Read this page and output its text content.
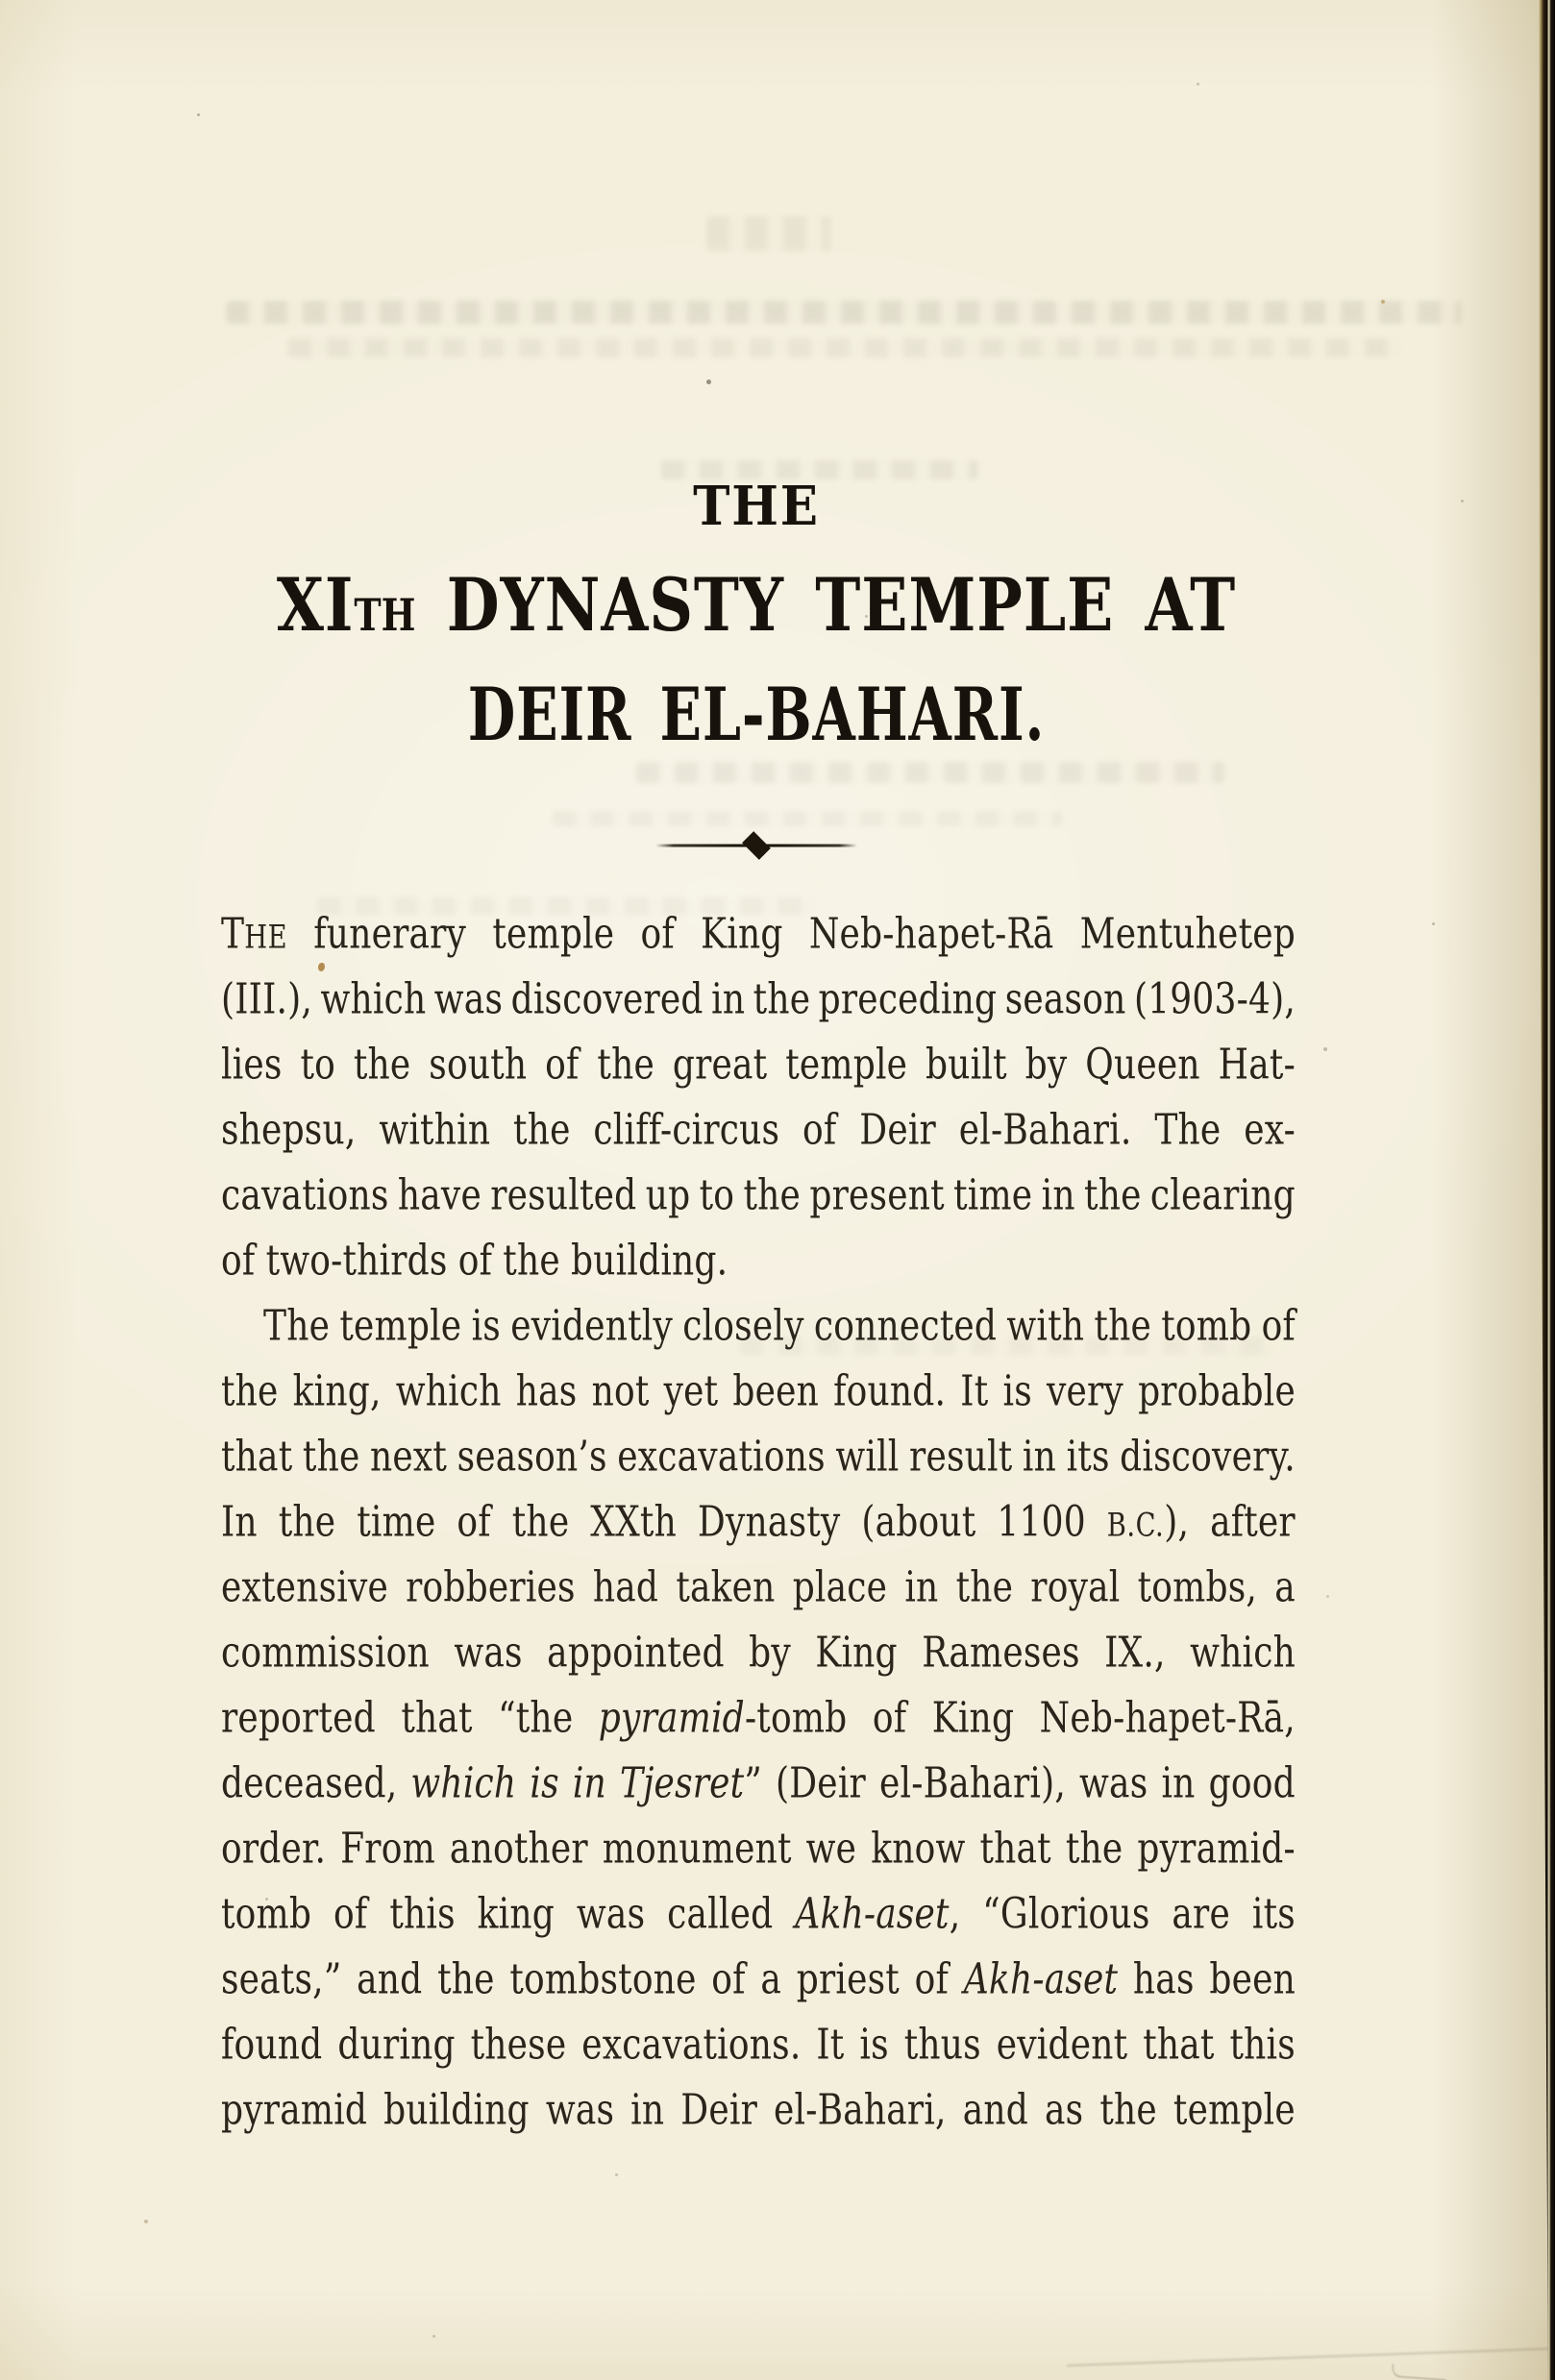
THE
XITH DYNASTY TEMPLE AT
DEIR EL-BAHARI.
THE funerary temple of King Neb-hapet-Rā Mentuhetep
(III.), which was discovered in the preceding season (1903-4),
lies to the south of the great temple built by Queen Hat-
shepsu, within the cliff-circus of Deir el-Bahari. The ex-
cavations have resulted up to the present time in the clearing
of two-thirds of the building.
The temple is evidently closely connected with the tomb of
the king, which has not yet been found. It is very probable
that the next season’s excavations will result in its discovery.
In the time of the XXth Dynasty (about 1100 B.C.), after
extensive robberies had taken place in the royal tombs, a
commission was appointed by King Rameses IX., which
reported that “the pyramid-tomb of King Neb-hapet-Rā,
deceased, which is in Tjesret” (Deir el-Bahari), was in good
order. From another monument we know that the pyramid-
tomb of this king was called Akh-aset, “Glorious are its
seats,” and the tombstone of a priest of Akh-aset has been
found during these excavations. It is thus evident that this
pyramid building was in Deir el-Bahari, and as the temple
